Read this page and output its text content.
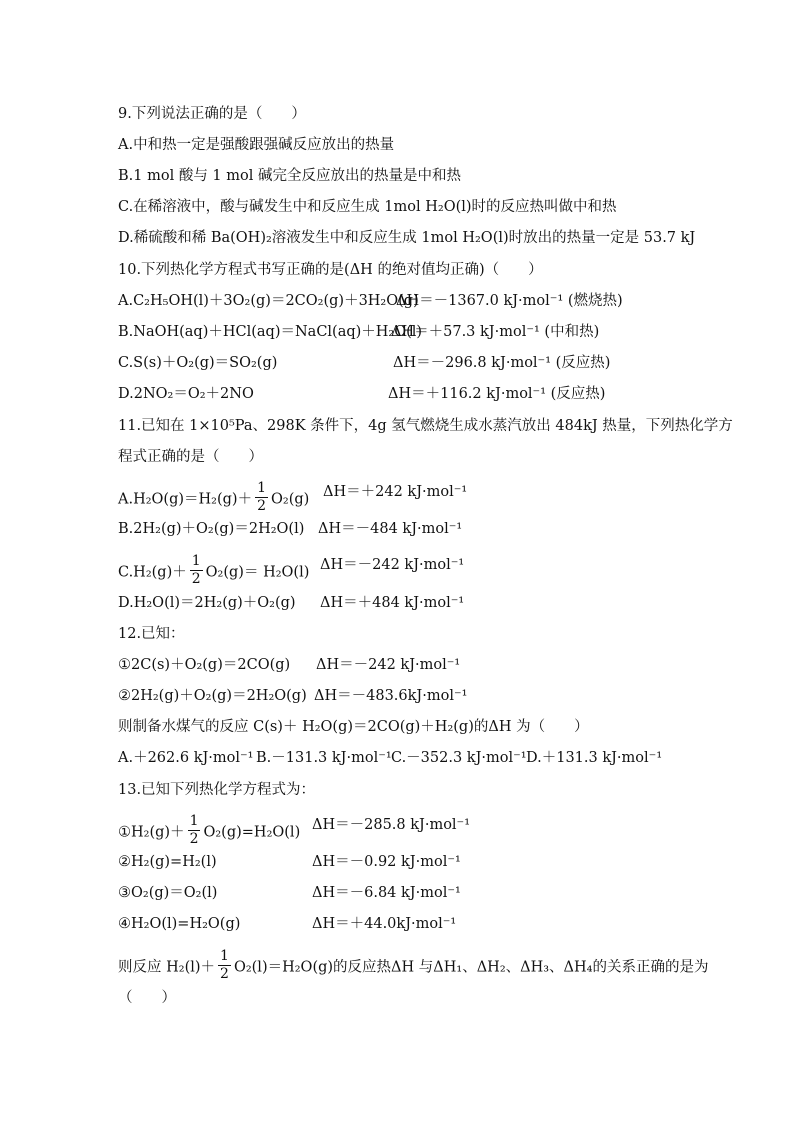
9.下列说法正确的是（　　）
A.中和热一定是强酸跟强碱反应放出的热量
B.1 mol 酸与 1 mol 碱完全反应放出的热量是中和热
C.在稀溶液中，酸与碱发生中和反应生成 1mol H₂O(l)时的反应热叫做中和热
D.稀硫酸和稀 Ba(OH)₂溶液发生中和反应生成 1mol H₂O(l)时放出的热量一定是 53.7 kJ
10.下列热化学方程式书写正确的是(ΔH 的绝对值均正确)（　　）
A.C₂H₅OH(l)＋3O₂(g)＝2CO₂(g)＋3H₂O(g)
ΔH＝－1367.0 kJ·mol⁻¹ (燃烧热)
B.NaOH(aq)＋HCl(aq)＝NaCl(aq)＋H₂O(l)
ΔH＝＋57.3 kJ·mol⁻¹ (中和热)
C.S(s)＋O₂(g)＝SO₂(g)	ΔH＝－296.8 kJ·mol⁻¹ (反应热)
D.2NO₂＝O₂＋2NO	ΔH＝＋116.2 kJ·mol⁻¹ (反应热)
11.已知在 1×10⁵Pa、298K 条件下，4g 氢气燃烧生成水蒸汽放出 484kJ 热量，下列热化学方
程式正确的是（　　）
$A.H_2O(g)=H_2(g)+ \frac{1}{2} O_2(g)$ ΔH＝＋242 kJ·mol⁻¹
B.2H₂(g)＋O₂(g)＝2H₂O(l) ΔH＝－484 kJ·mol⁻¹
$C.H_2(g)+ \frac{1}{2} O_2(g)= H_2O(l)$ ΔH＝－242 kJ·mol⁻¹
D.H₂O(l)＝2H₂(g)＋O₂(g) ΔH＝＋484 kJ·mol⁻¹
12.已知：
①2C(s)＋O₂(g)＝2CO(g) ΔH＝－242 kJ·mol⁻¹
②2H₂(g)＋O₂(g)＝2H₂O(g) ΔH＝－483.6kJ·mol⁻¹
则制备水煤气的反应 C(s)＋ H₂O(g)＝2CO(g)＋H₂(g)的ΔH 为（　　）
A.＋262.6 kJ·mol⁻¹ B.－131.3 kJ·mol⁻¹ C.－352.3 kJ·mol⁻¹ D.＋131.3 kJ·mol⁻¹
13.已知下列热化学方程式为：
①H₂(g)＋ $\frac{1}{2} O_2(g)=H_2O(l)$ ΔH＝－285.8 kJ·mol⁻¹
②H₂(g)=H₂(l)	ΔH＝－0.92 kJ·mol⁻¹
③O₂(g)＝O₂(l)	ΔH＝－6.84 kJ·mol⁻¹
④H₂O(l)=H₂O(g)	ΔH＝＋44.0kJ·mol⁻¹
则反应 $H_2(l)+ \frac{1}{2} O_2(l)=H_2O(g)$的反应热ΔH 与ΔH₁、ΔH₂、ΔH₃、ΔH₄的关系正确的是为
（　　）
